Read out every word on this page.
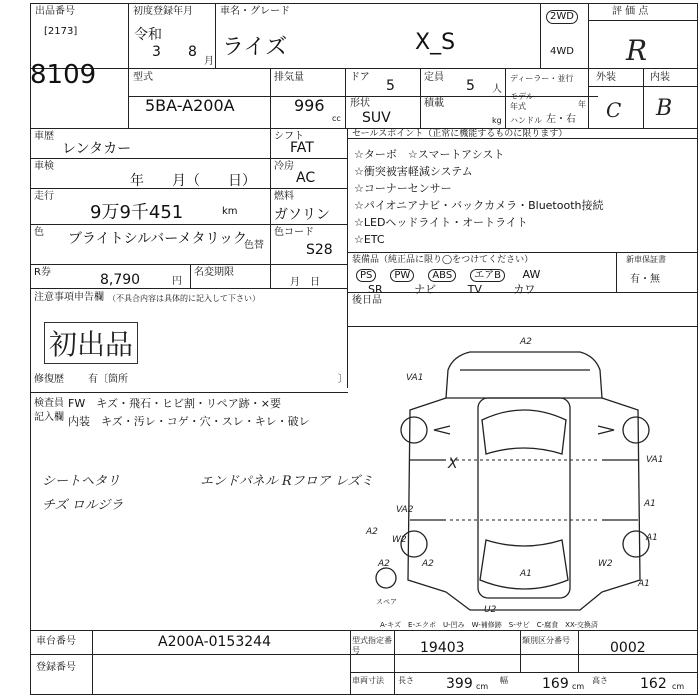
出品番号
[2173]
8109
初度登録年月
令和
3 8
月
車名・グレード
ライズ	X_S
2WD
4WD
評 価 点
R
型式
5BA-A200A
排気量
996
cc
ドア
5
定員
5 人
ディーラー・並行
モデル 年式	年
形状
SUV
積載
kg ハンドル 左・右
外装	内装
C B
車歴
レンタカー
車検
年　　月（　　日）
走行
9万9千451	km
色 ブライトシルバーメタリック
色替
シフト
FAT
冷房
AC
燃料
ガソリン
色コード
S28
R券	8,790	円
名変期限
月　日
セールスポイント（正常に機能するものに限ります）
☆ターボ　☆スマートアシスト
☆衝突被害軽減システム
☆コーナーセンサー
☆パイオニアナビ・バックカメラ・Bluetooth接続
☆LEDヘッドライト・オートライト
☆ETC
装備品（純正品に限り◯をつけてください）
PS PW ABS エアB AW
SR	ナビ	TV	カワ
新車保証書
有・無
後日品
注意事項申告欄 （不具合内容は具体的に記入して下さい）
初出品
修復歴 有〔箇所	〕
検査員
記入欄
FW　キズ・飛石・ヒビ割・リペア跡・×要
内装　キズ・汚レ・コゲ・穴・スレ・キレ・破レ
シートヘタリ
チズ ロルジラ
エンドパネル Rフロア レズミ
A2
VA1
X	VA1
A1
VA2
A2
W2	A1
A1
A2
A1
W2
U2
A2
スペア
A-キズ　E-エクボ　U-凹み　W-補修跡　S-サビ　C-腐食　XX-交換済
車台番号	A200A-0153244
登録番号
型式指定番号	19403	類別区分番号	0002
車両寸法	長さ 399 cm
幅 169 cm
高さ 162 cm
